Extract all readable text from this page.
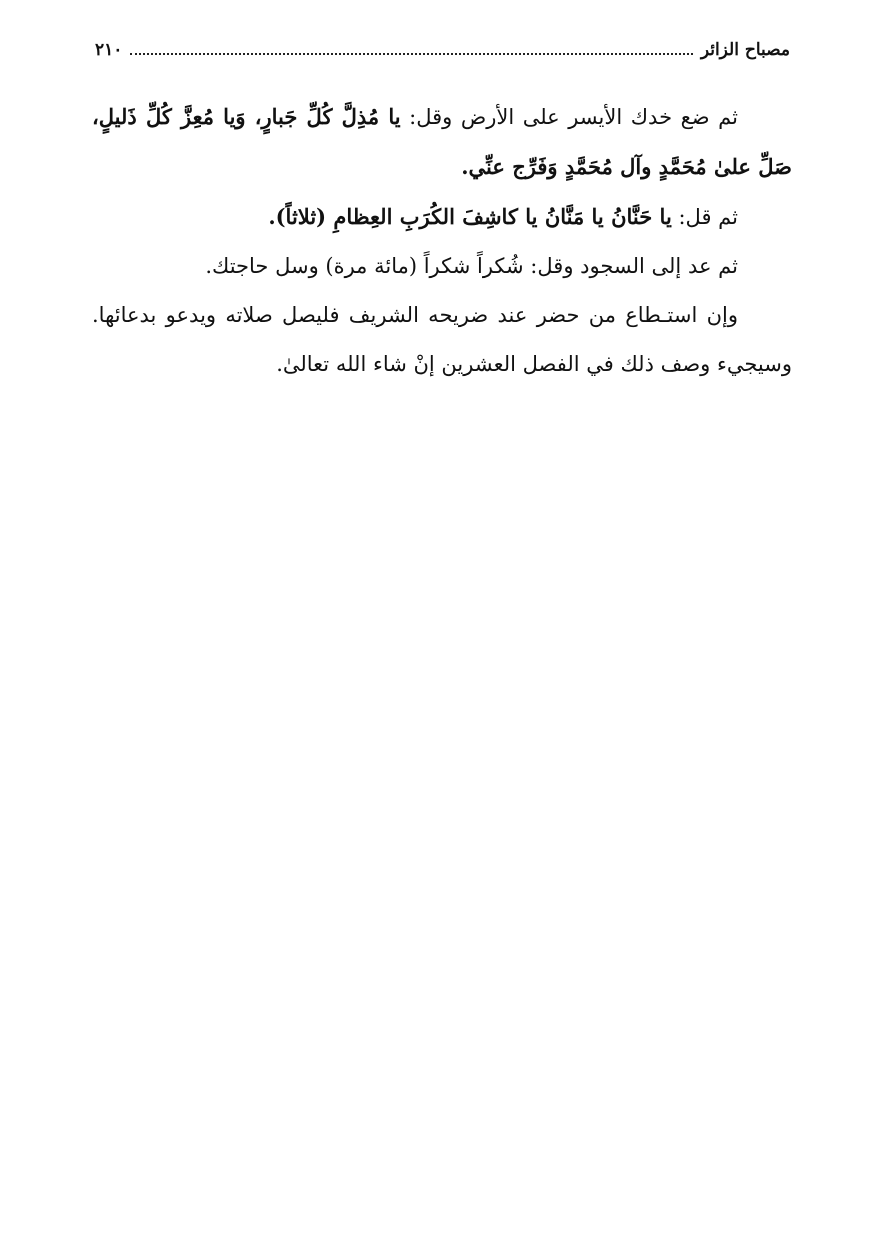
مصباح الزائر
٢١٠

ثم ضع خدك الأيسر على الأرض وقل: يا مُذِلَّ كُلِّ جَبارٍ، وَيا مُعِزَّ كُلِّ ذَليلٍ، صَلِّ علىٰ مُحَمَّدٍ وآل مُحَمَّدٍ وَفَرِّج عنِّي.

ثم قل: يا حَنَّانُ يا مَنَّانُ يا كاشِفَ الكُرَبِ العِظامِ (ثلاثاً).

ثم عد إلى السجود وقل: شُكراً شكراً (مائة مرة) وسل حاجتك.

وإن استـطاع من حضر عند ضريحه الشريف فليصل صلاته ويدعو بدعائها. وسيجيء وصف ذلك في الفصل العشرين إنْ شاء الله تعالىٰ.
